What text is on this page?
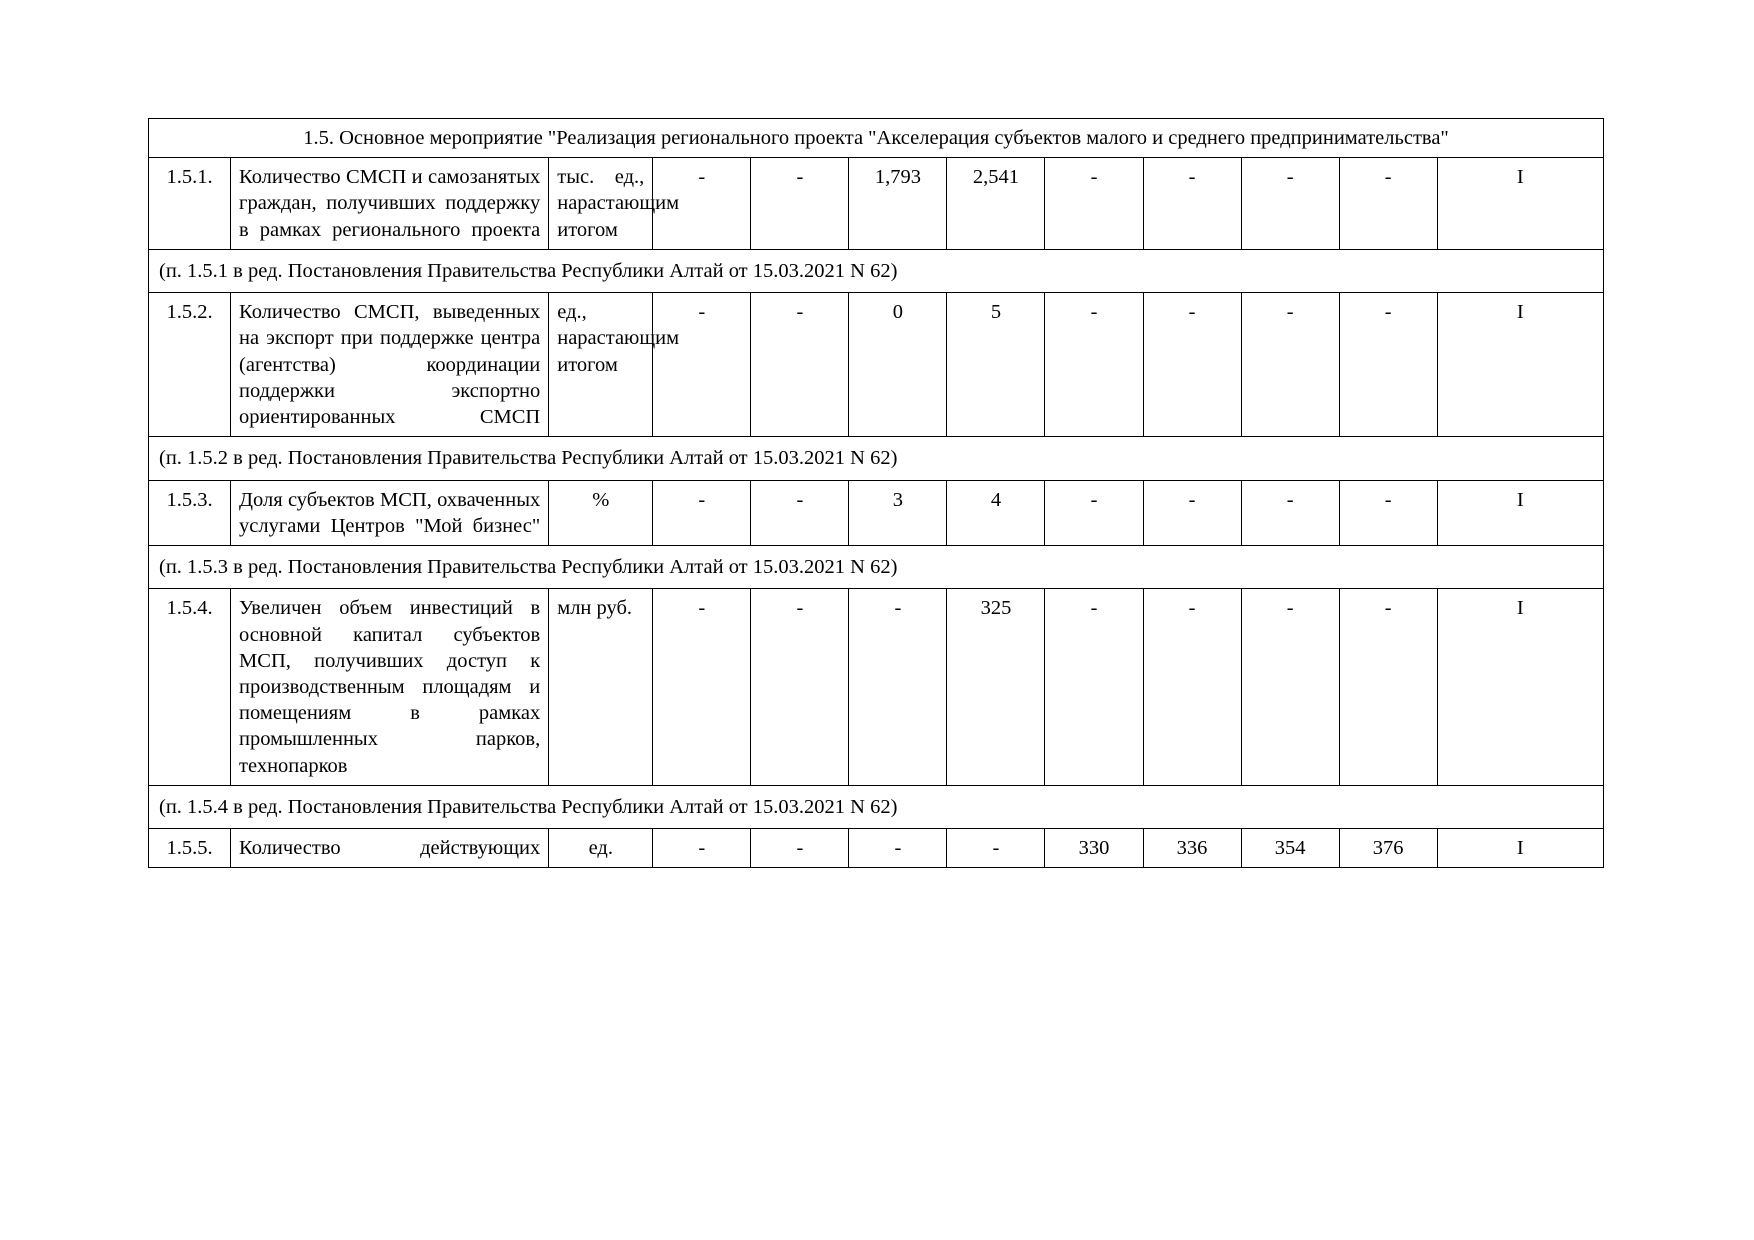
1.5. Основное мероприятие "Реализация регионального проекта "Акселерация субъектов малого и среднего предпринимательства"											
1.5.1.	Количество СМСП и самозанятых граждан, получивших поддержку в рамках регионального проекта	тыс. ед., нарастающим итогом	-	-	1,793	2,541	-	-	-	-	I
(п. 1.5.1 в ред. Постановления Правительства Республики Алтай от 15.03.2021 N 62)											
1.5.2.	Количество СМСП, выведенных на экспорт при поддержке центра (агентства) координации поддержки экспортно ориентированных СМСП	ед., нарастающим итогом	-	-	0	5	-	-	-	-	I
(п. 1.5.2 в ред. Постановления Правительства Республики Алтай от 15.03.2021 N 62)											
1.5.3.	Доля субъектов МСП, охваченных услугами Центров "Мой бизнес"	%	-	-	3	4	-	-	-	-	I
(п. 1.5.3 в ред. Постановления Правительства Республики Алтай от 15.03.2021 N 62)											
1.5.4.	Увеличен объем инвестиций в основной капитал субъектов МСП, получивших доступ к производственным площадям и помещениям в рамках промышленных парков, технопарков	млн руб.	-	-	-	325	-	-	-	-	I
(п. 1.5.4 в ред. Постановления Правительства Республики Алтай от 15.03.2021 N 62)											
1.5.5.	Количество действующих	ед.	-	-	-	-	330	336	354	376	I
